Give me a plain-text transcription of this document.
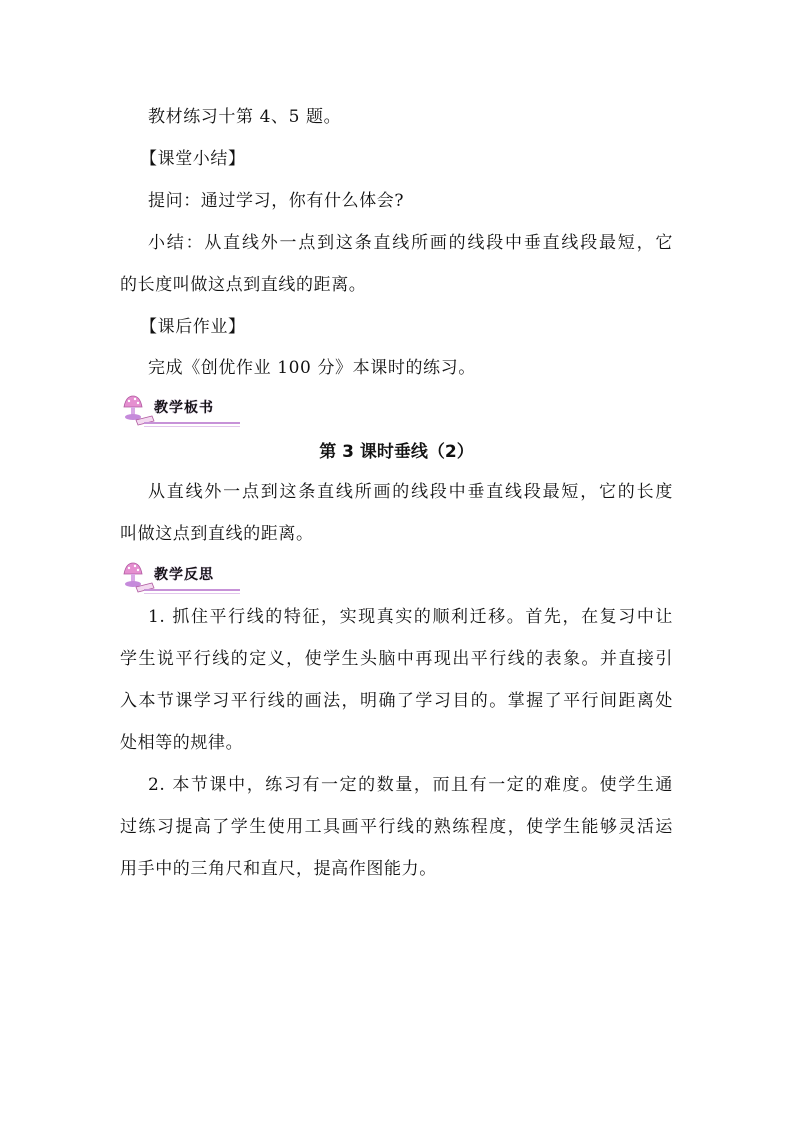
教材练习十第 4、5 题。

【课堂小结】

提问：通过学习，你有什么体会?

小结：从直线外一点到这条直线所画的线段中垂直线段最短，它

的长度叫做这点到直线的距离。

【课后作业】

完成《创优作业 100 分》本课时的练习。

教学板书
第 3 课时垂线（2）

从直线外一点到这条直线所画的线段中垂直线段最短，它的长度

叫做这点到直线的距离。

教学反思

1. 抓住平行线的特征，实现真实的顺利迁移。首先，在复习中让

学生说平行线的定义，使学生头脑中再现出平行线的表象。并直接引

入本节课学习平行线的画法，明确了学习目的。掌握了平行间距离处

处相等的规律。

2. 本节课中，练习有一定的数量，而且有一定的难度。使学生通

过练习提高了学生使用工具画平行线的熟练程度，使学生能够灵活运

用手中的三角尺和直尺，提高作图能力。
